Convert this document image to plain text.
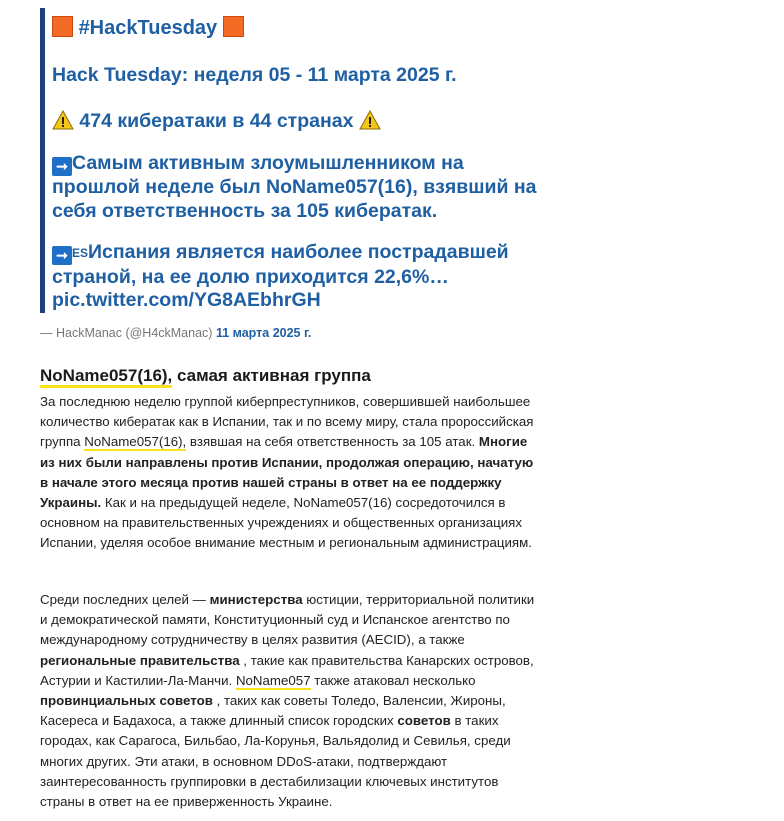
#HackTuesday
Hack Tuesday: неделя 05 - 11 марта 2025 г.
474 кибератаки в 44 странах
➞ Самым активным злоумышленником на прошлой неделе был NoName057(16), взявший на себя ответственность за 105 кибератак.
➞ ESИспания является наиболее пострадавшей страной, на ее долю приходится 22,6%…
pic.twitter.com/YG8AEbhrGH
— HackManac (@H4ckManac) 11 марта 2025 г.
NoName057(16), самая активная группа
За последнюю неделю группой киберпреступников, совершившей наибольшее количество кибератак как в Испании, так и по всему миру, стала пророссийская группа NoName057(16), взявшая на себя ответственность за 105 атак. Многие из них были направлены против Испании, продолжая операцию, начатую в начале этого месяца против нашей страны в ответ на ее поддержку Украины. Как и на предыдущей неделе, NoName057(16) сосредоточился в основном на правительственных учреждениях и общественных организациях Испании, уделяя особое внимание местным и региональным администрациям.
Среди последних целей — министерства юстиции, территориальной политики и демократической памяти, Конституционный суд и Испанское агентство по международному сотрудничеству в целях развития (AECID), а также региональные правительства , такие как правительства Канарских островов, Астурии и Кастилии-Ла-Манчи. NoName057 также атаковал несколько провинциальных советов , таких как советы Толедо, Валенсии, Жироны, Касереса и Бадахоса, а также длинный список городских советов в таких городах, как Сарагоса, Бильбао, Ла-Корунья, Вальядолид и Севилья, среди многих других. Эти атаки, в основном DDoS-атаки, подтверждают заинтересованность группировки в дестабилизации ключевых институтов страны в ответ на ее приверженность Украине.
